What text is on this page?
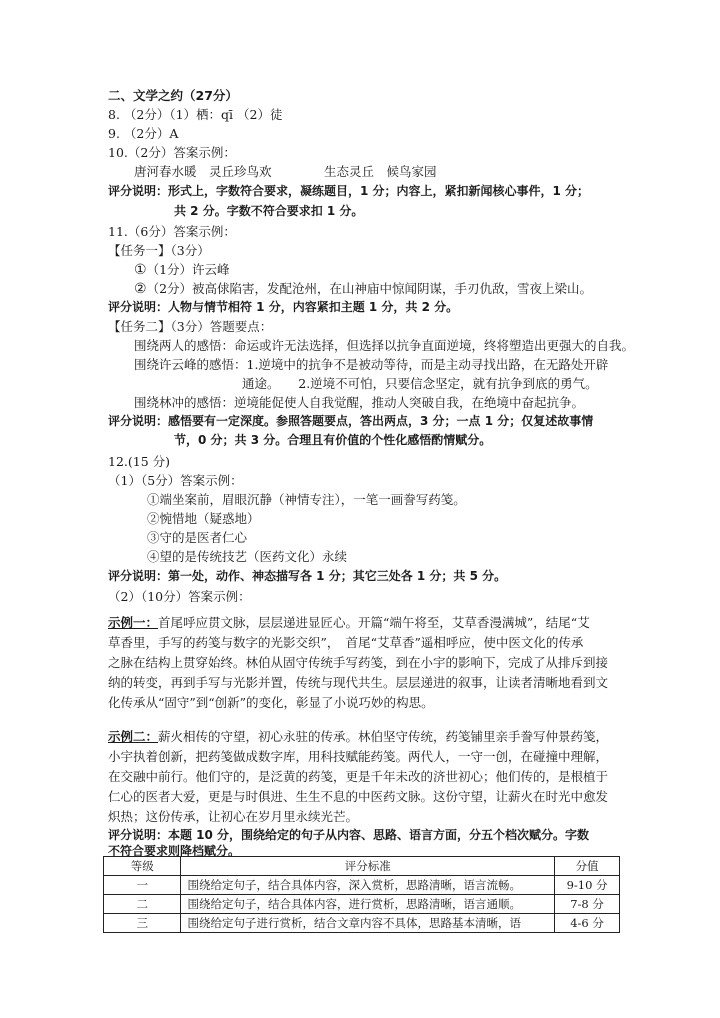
二、文学之约（27分）
8. （2分）（1）栖：qī （2）徒
9. （2分）A
10.（2分）答案示例：
唐河春水暖　灵丘珍鸟欢	生态灵丘　候鸟家园
评分说明：形式上，字数符合要求，凝练题目，1 分；内容上，紧扣新闻核心事件，1 分；
共 2 分。字数不符合要求扣 1 分。
11.（6分）答案示例：
【任务一】（3分）
①（1分）许云峰
②（2分）被高俅陷害，发配沧州，在山神庙中惊闻阴谋，手刃仇敌，雪夜上梁山。
评分说明：人物与情节相符 1 分，内容紧扣主题 1 分，共 2 分。
【任务二】（3分）答题要点：
围绕两人的感悟：命运或许无法选择，但选择以抗争直面逆境，终将塑造出更强大的自我。
围绕许云峰的感悟：1.逆境中的抗争不是被动等待，而是主动寻找出路，在无路处开辟
通途。　　2.逆境不可怕，只要信念坚定，就有抗争到底的勇气。
围绕林冲的感悟：逆境能促使人自我觉醒，推动人突破自我，在绝境中奋起抗争。
评分说明：感悟要有一定深度。参照答题要点，答出两点，3 分；一点 1 分；仅复述故事情
节，0 分；共 3 分。合理且有价值的个性化感悟酌情赋分。
12.(15 分)
（1）（5分）答案示例：
①端坐案前，眉眼沉静（神情专注），一笔一画誊写药笺。
②惋惜地（疑惑地）
③守的是医者仁心
④望的是传统技艺（医药文化）永续
评分说明：第一处，动作、神态描写各 1 分；其它三处各 1 分；共 5 分。
（2）（10分）答案示例：
示例一：首尾呼应贯文脉，层层递进显匠心。开篇“端午将至，艾草香漫满城”，结尾“艾
草香里，手写的药笺与数字的光影交织”，　首尾“艾草香”遥相呼应，使中医文化的传承
之脉在结构上贯穿始终。林伯从固守传统手写药笺，到在小宇的影响下，完成了从排斥到接
纳的转变，再到手写与光影并置，传统与现代共生。层层递进的叙事，让读者清晰地看到文
化传承从“固守”到“创新”的变化，彰显了小说巧妙的构思。
示例二：薪火相传的守望，初心永驻的传承。林伯坚守传统，药笺铺里亲手誊写仲景药笺，
小宇执着创新，把药笺做成数字库，用科技赋能药笺。两代人，一守一创，在碰撞中理解，
在交融中前行。他们守的，是泛黄的药笺，更是千年未改的济世初心；他们传的，是根植于
仁心的医者大爱，更是与时俱进、生生不息的中医药文脉。这份守望，让薪火在时光中愈发
炽热；这份传承，让初心在岁月里永续光芒。
评分说明：本题 10 分，围绕给定的句子从内容、思路、语言方面，分五个档次赋分。字数
不符合要求则降档赋分。
等级	评分标准	分值
一	围绕给定句子，结合具体内容，深入赏析，思路清晰，语言流畅。	9-10 分
二	围绕给定句子，结合具体内容，进行赏析，思路清晰，语言通顺。	7-8 分
三	围绕给定句子进行赏析，结合文章内容不具体，思路基本清晰，语	4-6 分
